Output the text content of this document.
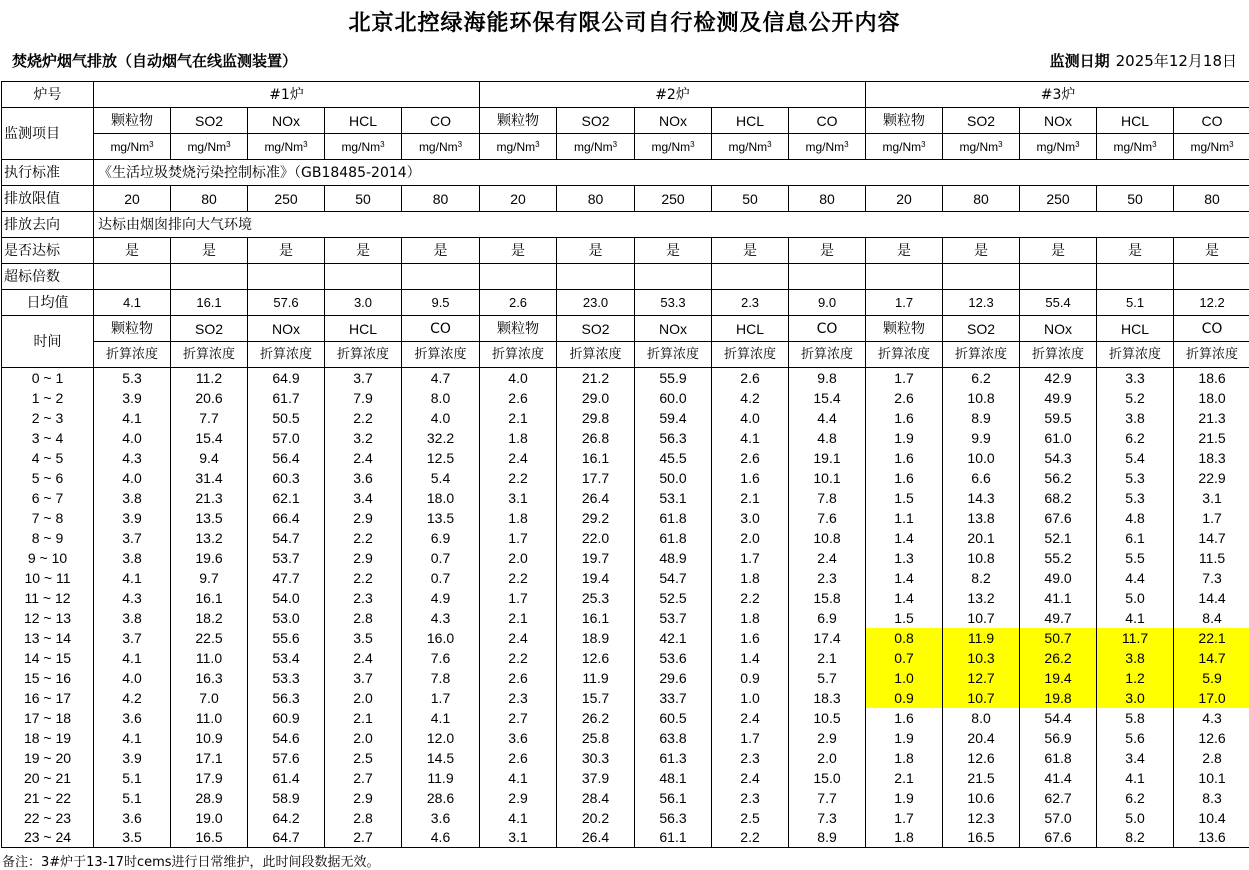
北京北控绿海能环保有限公司自行检测及信息公开内容
焚烧炉烟气排放（自动烟气在线监测装置）	监测日期 2025年12月18日
炉号	#1炉					#2炉					#3炉				
监测项目	颗粒物	SO2	NOx	HCL	CO	颗粒物	SO2	NOx	HCL	CO	颗粒物	SO2	NOx	HCL	CO
	mg/Nm$^3$	mg/Nm$^3$	mg/Nm$^3$	mg/Nm$^3$	mg/Nm$^3$	mg/Nm$^3$	mg/Nm$^3$	mg/Nm$^3$	mg/Nm$^3$	mg/Nm$^3$	mg/Nm$^3$	mg/Nm$^3$	mg/Nm$^3$	mg/Nm$^3$	mg/Nm$^3$
执行标准	《生活垃圾焚烧污染控制标准》（GB18485-2014）														
排放限值	20	80	250	50	80	20	80	250	50	80	20	80	250	50	80
排放去向	达标由烟囱排向大气环境														
是否达标	是	是	是	是	是	是	是	是	是	是	是	是	是	是	是
超标倍数															
日均值	4.1	16.1	57.6	3.0	9.5	2.6	23.0	53.3	2.3	9.0	1.7	12.3	55.4	5.1	12.2
时间	颗粒物	SO2	NOx	HCL	CO	颗粒物	SO2	NOx	HCL	CO	颗粒物	SO2	NOx	HCL	CO
	折算浓度	折算浓度	折算浓度	折算浓度	折算浓度	折算浓度	折算浓度	折算浓度	折算浓度	折算浓度	折算浓度	折算浓度	折算浓度	折算浓度	折算浓度
0 ~ 1	5.3	11.2	64.9	3.7	4.7	4.0	21.2	55.9	2.6	9.8	1.7	6.2	42.9	3.3	18.6
1 ~ 2	3.9	20.6	61.7	7.9	8.0	2.6	29.0	60.0	4.2	15.4	2.6	10.8	49.9	5.2	18.0
2 ~ 3	4.1	7.7	50.5	2.2	4.0	2.1	29.8	59.4	4.0	4.4	1.6	8.9	59.5	3.8	21.3
3 ~ 4	4.0	15.4	57.0	3.2	32.2	1.8	26.8	56.3	4.1	4.8	1.9	9.9	61.0	6.2	21.5
4 ~ 5	4.3	9.4	56.4	2.4	12.5	2.4	16.1	45.5	2.6	19.1	1.6	10.0	54.3	5.4	18.3
5 ~ 6	4.0	31.4	60.3	3.6	5.4	2.2	17.7	50.0	1.6	10.1	1.6	6.6	56.2	5.3	22.9
6 ~ 7	3.8	21.3	62.1	3.4	18.0	3.1	26.4	53.1	2.1	7.8	1.5	14.3	68.2	5.3	3.1
7 ~ 8	3.9	13.5	66.4	2.9	13.5	1.8	29.2	61.8	3.0	7.6	1.1	13.8	67.6	4.8	1.7
8 ~ 9	3.7	13.2	54.7	2.2	6.9	1.7	22.0	61.8	2.0	10.8	1.4	20.1	52.1	6.1	14.7
9 ~ 10	3.8	19.6	53.7	2.9	0.7	2.0	19.7	48.9	1.7	2.4	1.3	10.8	55.2	5.5	11.5
10 ~ 11	4.1	9.7	47.7	2.2	0.7	2.2	19.4	54.7	1.8	2.3	1.4	8.2	49.0	4.4	7.3
11 ~ 12	4.3	16.1	54.0	2.3	4.9	1.7	25.3	52.5	2.2	15.8	1.4	13.2	41.1	5.0	14.4
12 ~ 13	3.8	18.2	53.0	2.8	4.3	2.1	16.1	53.7	1.8	6.9	1.5	10.7	49.7	4.1	8.4
13 ~ 14	3.7	22.5	55.6	3.5	16.0	2.4	18.9	42.1	1.6	17.4	0.8	11.9	50.7	11.7	22.1
14 ~ 15	4.1	11.0	53.4	2.4	7.6	2.2	12.6	53.6	1.4	2.1	0.7	10.3	26.2	3.8	14.7
15 ~ 16	4.0	16.3	53.3	3.7	7.8	2.6	11.9	29.6	0.9	5.7	1.0	12.7	19.4	1.2	5.9
16 ~ 17	4.2	7.0	56.3	2.0	1.7	2.3	15.7	33.7	1.0	18.3	0.9	10.7	19.8	3.0	17.0
17 ~ 18	3.6	11.0	60.9	2.1	4.1	2.7	26.2	60.5	2.4	10.5	1.6	8.0	54.4	5.8	4.3
18 ~ 19	4.1	10.9	54.6	2.0	12.0	3.6	25.8	63.8	1.7	2.9	1.9	20.4	56.9	5.6	12.6
19 ~ 20	3.9	17.1	57.6	2.5	14.5	2.6	30.3	61.3	2.3	2.0	1.8	12.6	61.8	3.4	2.8
20 ~ 21	5.1	17.9	61.4	2.7	11.9	4.1	37.9	48.1	2.4	15.0	2.1	21.5	41.4	4.1	10.1
21 ~ 22	5.1	28.9	58.9	2.9	28.6	2.9	28.4	56.1	2.3	7.7	1.9	10.6	62.7	6.2	8.3
22 ~ 23	3.6	19.0	64.2	2.8	3.6	4.1	20.2	56.3	2.5	7.3	1.7	12.3	57.0	5.0	10.4
23 ~ 24	3.5	16.5	64.7	2.7	4.6	3.1	26.4	61.1	2.2	8.9	1.8	16.5	67.6	8.2	13.6
备注：3#炉于13-17时cems进行日常维护，此时间段数据无效。
